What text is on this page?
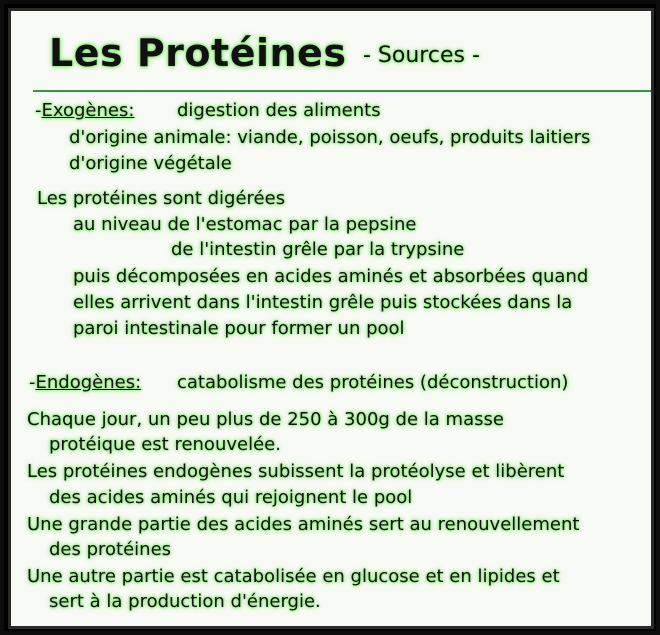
Les Protéines - Sources -
-Exogènes: digestion des aliments
d'origine animale: viande, poisson, oeufs, produits laitiers
d'origine végétale
Les protéines sont digérées
au niveau de l'estomac par la pepsine
de l'intestin grêle par la trypsine
puis décomposées en acides aminés et absorbées quand
elles arrivent dans l'intestin grêle puis stockées dans la
paroi intestinale pour former un pool
-Endogènes: catabolisme des protéines (déconstruction)
Chaque jour, un peu plus de 250 à 300g de la masse
protéique est renouvelée.
Les protéines endogènes subissent la protéolyse et libèrent
des acides aminés qui rejoignent le pool
Une grande partie des acides aminés sert au renouvellement
des protéines
Une autre partie est catabolisée en glucose et en lipides et
sert à la production d'énergie.
